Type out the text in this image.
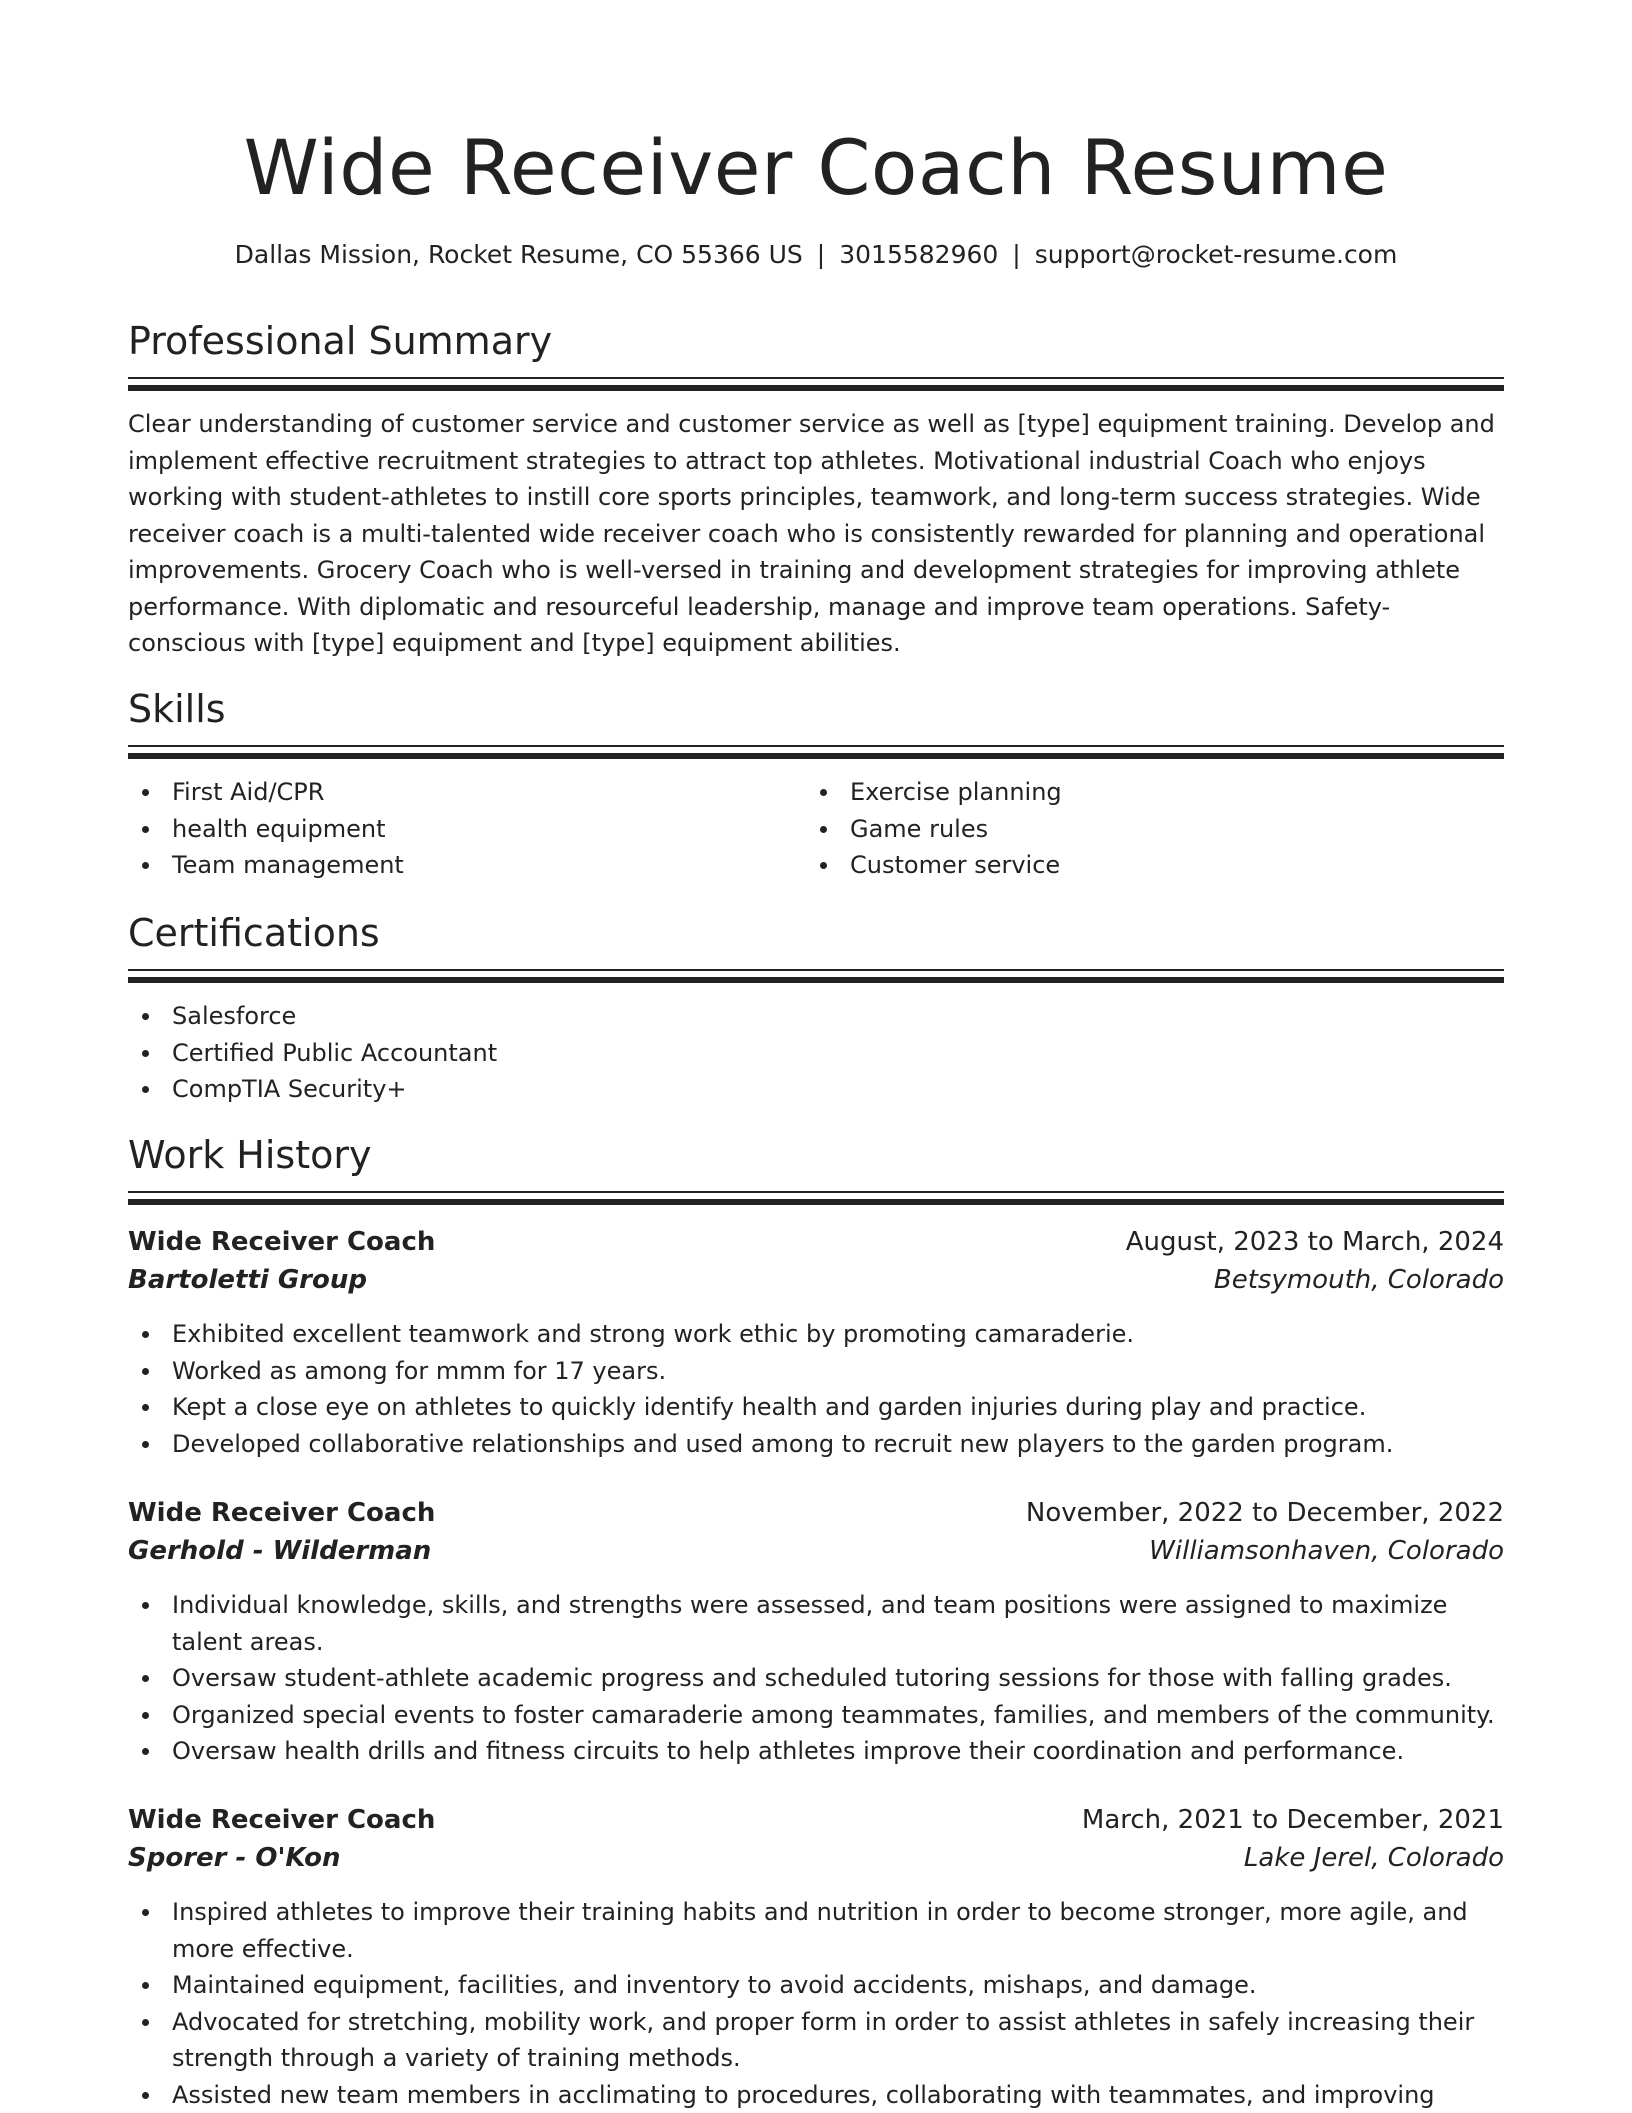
Wide Receiver Coach Resume
Dallas Mission, Rocket Resume, CO 55366 US | 3015582960 | support@rocket-resume.com
Professional Summary
Clear understanding of customer service and customer service as well as [type] equipment training. Develop and implement effective recruitment strategies to attract top athletes. Motivational industrial Coach who enjoys working with student-athletes to instill core sports principles, teamwork, and long-term success strategies. Wide receiver coach is a multi-talented wide receiver coach who is consistently rewarded for planning and operational improvements. Grocery Coach who is well-versed in training and development strategies for improving athlete performance. With diplomatic and resourceful leadership, manage and improve team operations. Safety-conscious with [type] equipment and [type] equipment abilities.
Skills
First Aid/CPR
health equipment
Team management
Exercise planning
Game rules
Customer service
Certifications
Salesforce
Certified Public Accountant
CompTIA Security+
Work History
Wide Receiver Coach	August, 2023 to March, 2024
Bartoletti Group	Betsymouth, Colorado
Exhibited excellent teamwork and strong work ethic by promoting camaraderie.
Worked as among for mmm for 17 years.
Kept a close eye on athletes to quickly identify health and garden injuries during play and practice.
Developed collaborative relationships and used among to recruit new players to the garden program.
Wide Receiver Coach	November, 2022 to December, 2022
Gerhold - Wilderman	Williamsonhaven, Colorado
Individual knowledge, skills, and strengths were assessed, and team positions were assigned to maximize talent areas.
Oversaw student-athlete academic progress and scheduled tutoring sessions for those with falling grades.
Organized special events to foster camaraderie among teammates, families, and members of the community.
Oversaw health drills and fitness circuits to help athletes improve their coordination and performance.
Wide Receiver Coach	March, 2021 to December, 2021
Sporer - O'Kon	Lake Jerel, Colorado
Inspired athletes to improve their training habits and nutrition in order to become stronger, more agile, and more effective.
Maintained equipment, facilities, and inventory to avoid accidents, mishaps, and damage.
Advocated for stretching, mobility work, and proper form in order to assist athletes in safely increasing their strength through a variety of training methods.
Assisted new team members in acclimating to procedures, collaborating with teammates, and improving
